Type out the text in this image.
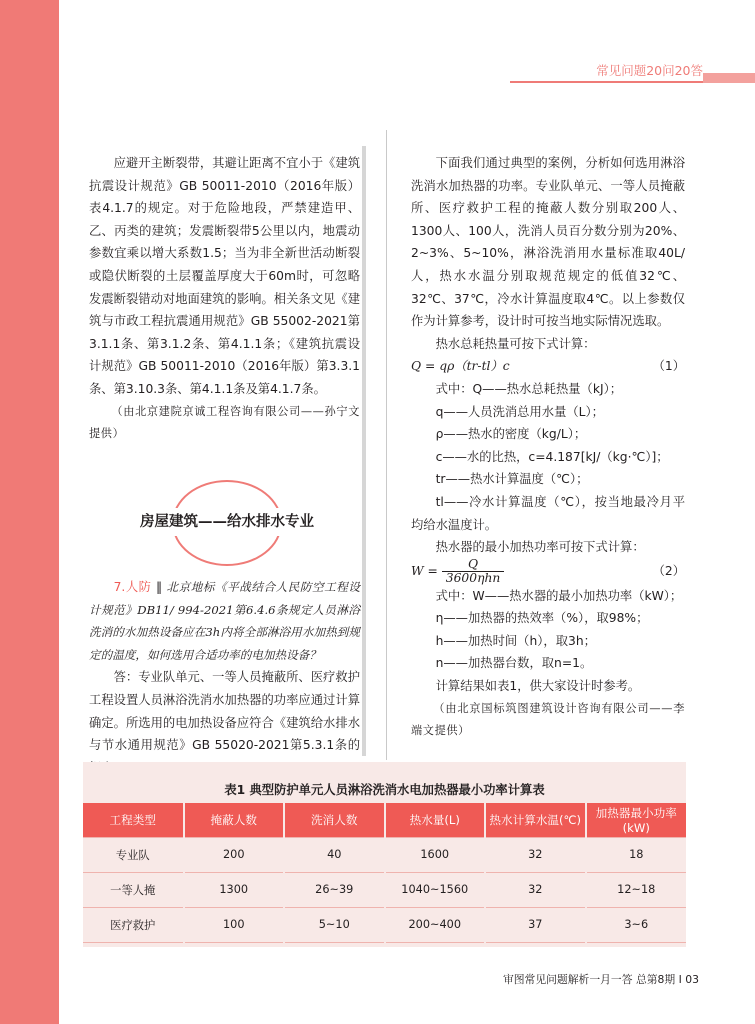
常见问题20问20答

应避开主断裂带，其避让距离不宜小于《建筑抗震设计规范》GB 50011-2010（2016年版）表4.1.7的规定。对于危险地段，严禁建造甲、乙、丙类的建筑；发震断裂带5公里以内，地震动参数宜乘以增大系数1.5；当为非全新世活动断裂或隐伏断裂的土层覆盖厚度大于60m时，可忽略发震断裂错动对地面建筑的影响。相关条文见《建筑与市政工程抗震通用规范》GB 55002-2021第3.1.1条、第3.1.2条、第4.1.1条；《建筑抗震设计规范》GB 50011-2010（2016年版）第3.3.1条、第3.10.3条、第4.1.1条及第4.1.7条。

（由北京建院京诚工程咨询有限公司——孙宁文提供）

房屋建筑——给水排水专业

7.人防 ‖ 北京地标《平战结合人民防空工程设计规范》DB11/ 994-2021第6.4.6条规定人员淋浴洗消的水加热设备应在3h内将全部淋浴用水加热到规定的温度，如何选用合适功率的电加热设备？

答：专业队单元、一等人员掩蔽所、医疗救护工程设置人员淋浴洗消水加热器的功率应通过计算确定。所选用的电加热设备应符合《建筑给水排水与节水通用规范》GB 55020-2021第5.3.1条的

下面我们通过典型的案例，分析如何选用淋浴洗消水加热器的功率。专业队单元、一等人员掩蔽所、医疗救护工程的掩蔽人数分别取200人、1300人、100人，洗消人员百分数分别为20%、2~3%、5~10%，淋浴洗消用水量标准取40L/人，热水水温分别取规范规定的低值32℃、32℃、37℃，冷水计算温度取4℃。以上参数仅作为计算参考，设计时可按当地实际情况选取。

热水总耗热量可按下式计算：

Q = qρ（tr-tl）c	（1）

式中：Q——热水总耗热量（kJ）；

q——人员洗消总用水量（L）；

ρ——热水的密度（kg/L）；

c——水的比热，c=4.187[kJ/（kg·℃）]；

tr——热水计算温度（℃）；

tl——冷水计算温度（℃），按当地最冷月平均给水温度计。

热水器的最小加热功率可按下式计算：

$W = \frac{Q}{\text{3600ηhn}}$	（2）

式中：W——热水器的最小加热功率（kW）；

η——加热器的热效率（%），取98%；

h——加热时间（h），取3h；

n——加热器台数，取n=1。

计算结果如表1，供大家设计时参考。

（由北京国标筑图建筑设计咨询有限公司——李端文提供）

表1 典型防护单元人员淋浴洗消水电加热器最小功率计算表
工程类型	掩蔽人数	洗消人数	热水量(L)	热水计算水温(℃)	加热器最小功率(kW)
专业队	200	40	1600	32	18
一等人掩	1300	26~39	1040~1560	32	12~18
医疗救护	100	5~10	200~400	37	3~6
审图常见问题解析一月一答 总第8期 I 03
